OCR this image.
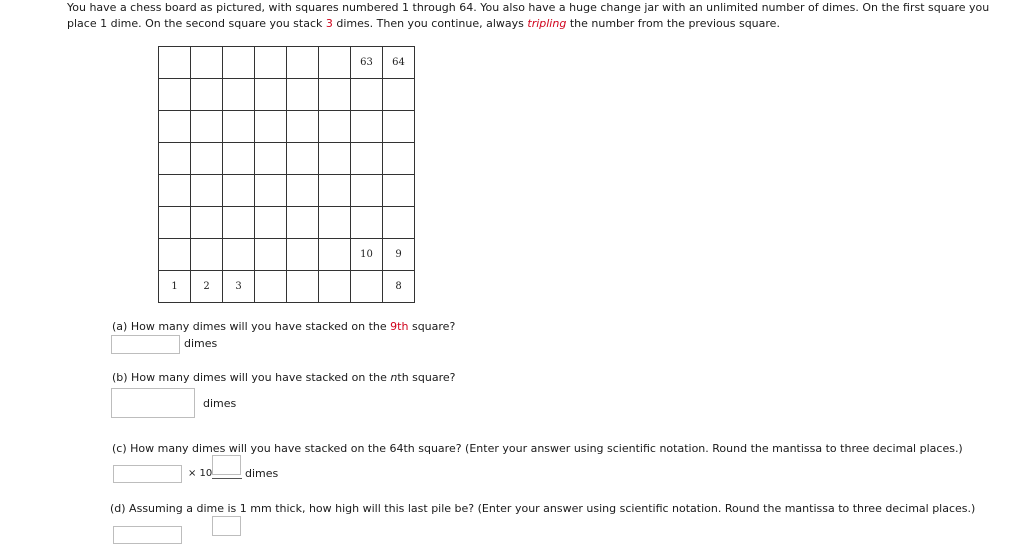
You have a chess board as pictured, with squares numbered 1 through 64. You also have a huge change jar with an unlimited number of dimes. On the first square you place 1 dime. On the second square you stack 3 dimes. Then you continue, always tripling the number from the previous square.

						63	64

						10	9
1	2	3					8

(a) How many dimes will you have stacked on the 9th square?

dimes

(b) How many dimes will you have stacked on the nth square?

dimes

(c) How many dimes will you have stacked on the 64th square? (Enter your answer using scientific notation. Round the mantissa to three decimal places.)

× 10	dimes

(d) Assuming a dime is 1 mm thick, how high will this last pile be? (Enter your answer using scientific notation. Round the mantissa to three decimal places.)
